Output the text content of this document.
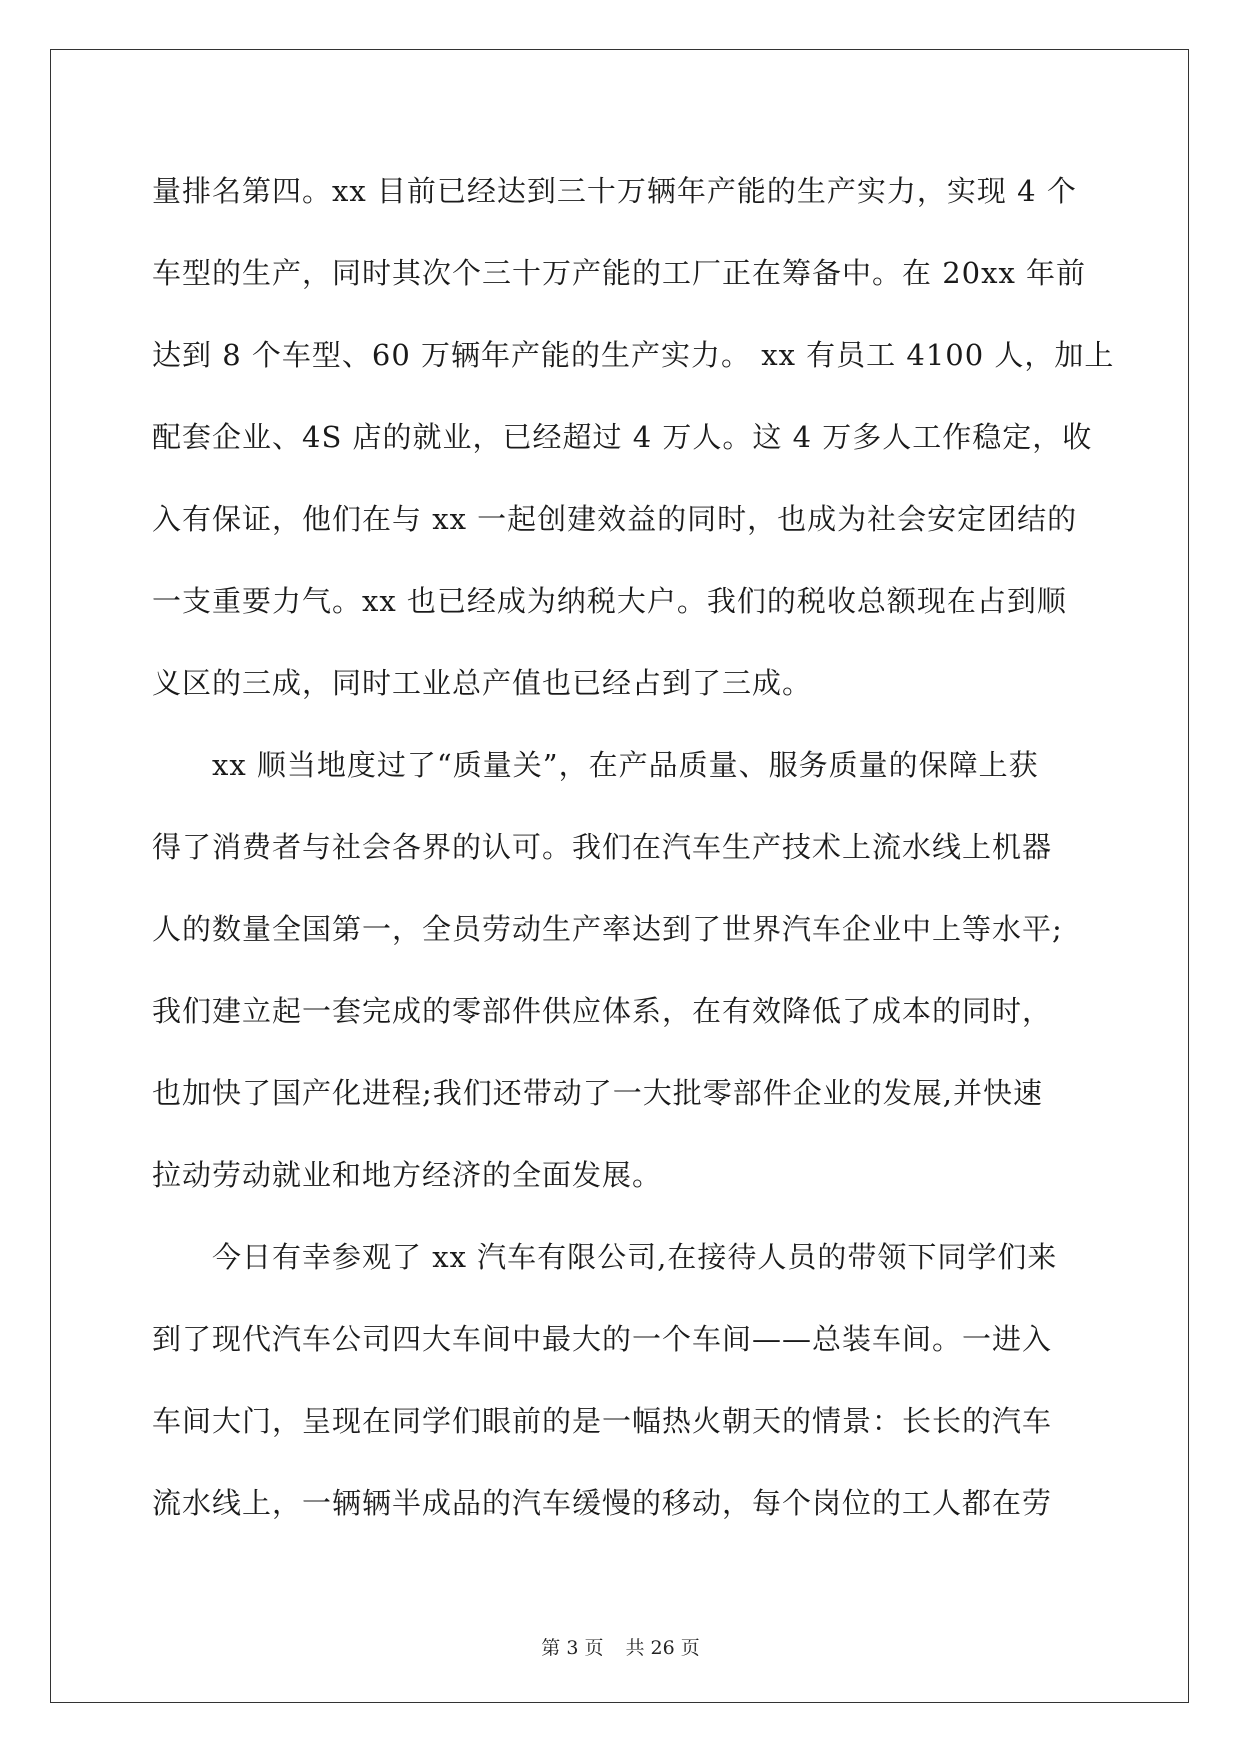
量排名第四。xx 目前已经达到三十万辆年产能的生产实力，实现 4 个
车型的生产，同时其次个三十万产能的工厂正在筹备中。在 20xx 年前
达到 8 个车型、60 万辆年产能的生产实力。 xx 有员工 4100 人，加上
配套企业、4S 店的就业，已经超过 4 万人。这 4 万多人工作稳定，收
入有保证，他们在与 xx 一起创建效益的同时，也成为社会安定团结的
一支重要力气。xx 也已经成为纳税大户。我们的税收总额现在占到顺
义区的三成，同时工业总产值也已经占到了三成。
xx 顺当地度过了“质量关”，在产品质量、服务质量的保障上获
得了消费者与社会各界的认可。我们在汽车生产技术上流水线上机器
人的数量全国第一，全员劳动生产率达到了世界汽车企业中上等水平;
我们建立起一套完成的零部件供应体系，在有效降低了成本的同时，
也加快了国产化进程;我们还带动了一大批零部件企业的发展,并快速
拉动劳动就业和地方经济的全面发展。
今日有幸参观了 xx 汽车有限公司,在接待人员的带领下同学们来
到了现代汽车公司四大车间中最大的一个车间——总装车间。一进入
车间大门，呈现在同学们眼前的是一幅热火朝天的情景：长长的汽车
流水线上，一辆辆半成品的汽车缓慢的移动，每个岗位的工人都在劳
第 3 页 共 26 页
